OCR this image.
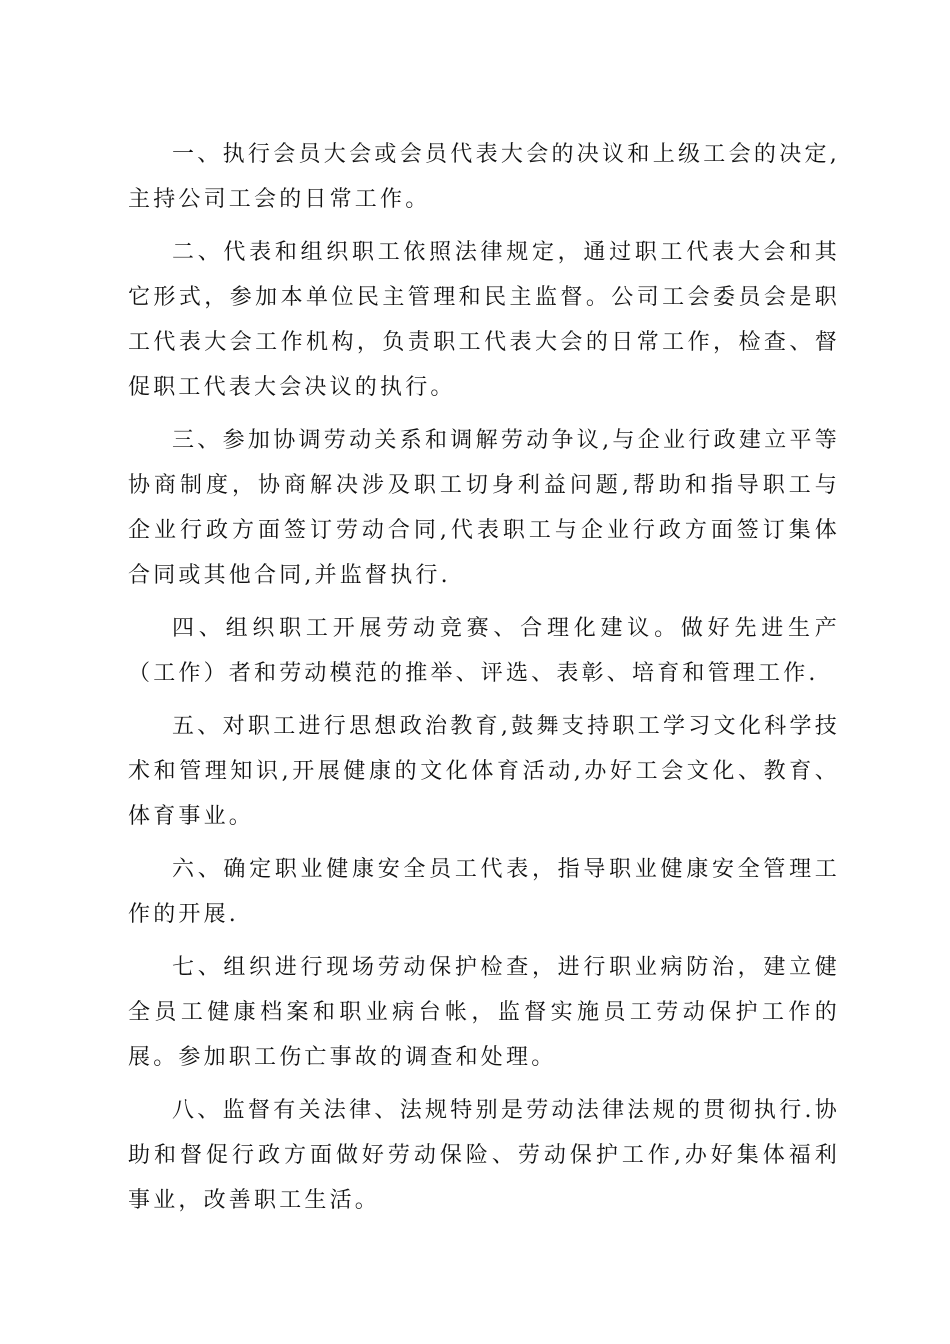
一、执行会员大会或会员代表大会的决议和上级工会的决定,主持公司工会的日常工作。

二、代表和组织职工依照法律规定，通过职工代表大会和其它形式，参加本单位民主管理和民主监督。公司工会委员会是职工代表大会工作机构，负责职工代表大会的日常工作，检查、督促职工代表大会决议的执行。

三、参加协调劳动关系和调解劳动争议,与企业行政建立平等协商制度，协商解决涉及职工切身利益问题,帮助和指导职工与企业行政方面签订劳动合同,代表职工与企业行政方面签订集体合同或其他合同,并监督执行.

四、组织职工开展劳动竞赛、合理化建议。做好先进生产（工作）者和劳动模范的推举、评选、表彰、培育和管理工作.

五、对职工进行思想政治教育,鼓舞支持职工学习文化科学技术和管理知识,开展健康的文化体育活动,办好工会文化、教育、体育事业。

六、确定职业健康安全员工代表，指导职业健康安全管理工作的开展.

七、组织进行现场劳动保护检查，进行职业病防治，建立健全员工健康档案和职业病台帐，监督实施员工劳动保护工作的展。参加职工伤亡事故的调查和处理。

八、监督有关法律、法规特别是劳动法律法规的贯彻执行.协助和督促行政方面做好劳动保险、劳动保护工作,办好集体福利事业，改善职工生活。
